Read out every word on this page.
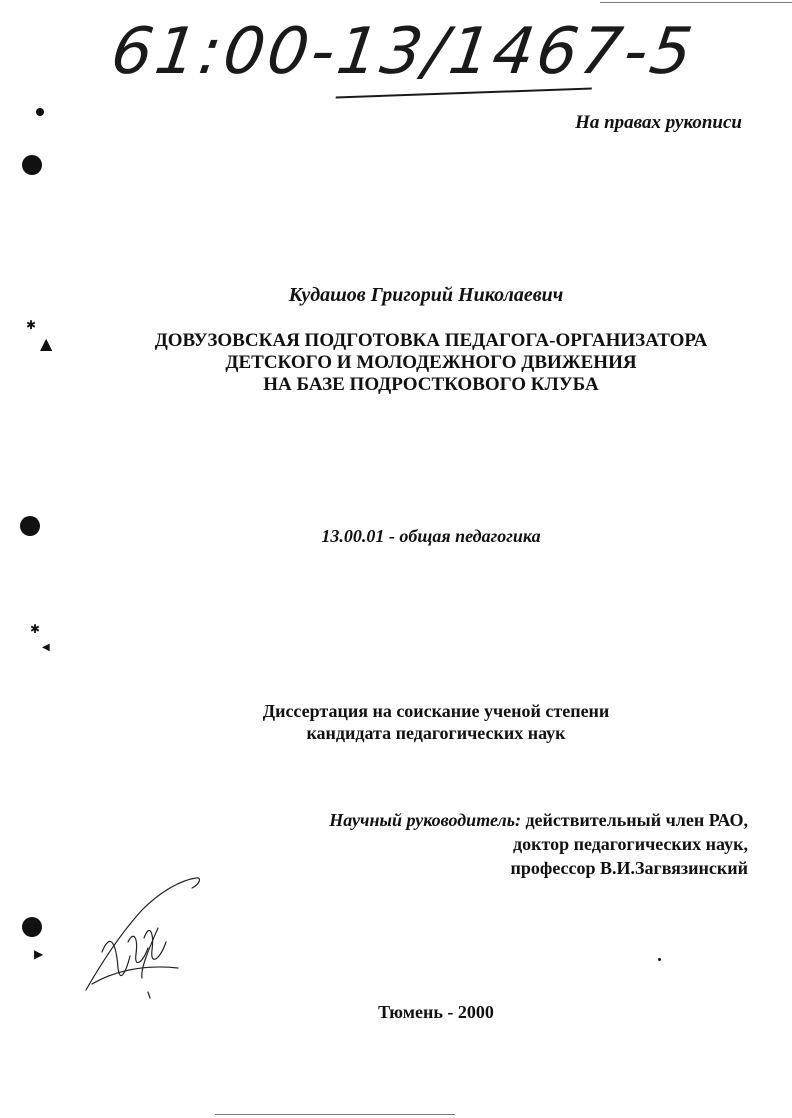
61:00-13/1467-5
На правах рукописи
✱
▲
✱
◀
▶
Кудашов Григорий Николаевич
ДОВУЗОВСКАЯ ПОДГОТОВКА ПЕДАГОГА-ОРГАНИЗАТОРА
ДЕТСКОГО И МОЛОДЕЖНОГО ДВИЖЕНИЯ
НА БАЗЕ ПОДРОСТКОВОГО КЛУБА
13.00.01 - общая педагогика
Диссертация на соискание ученой степени
кандидата педагогических наук
Научный руководитель: действительный член РАО,
доктор педагогических наук,
профессор В.И.Загвязинский
Тюмень - 2000
